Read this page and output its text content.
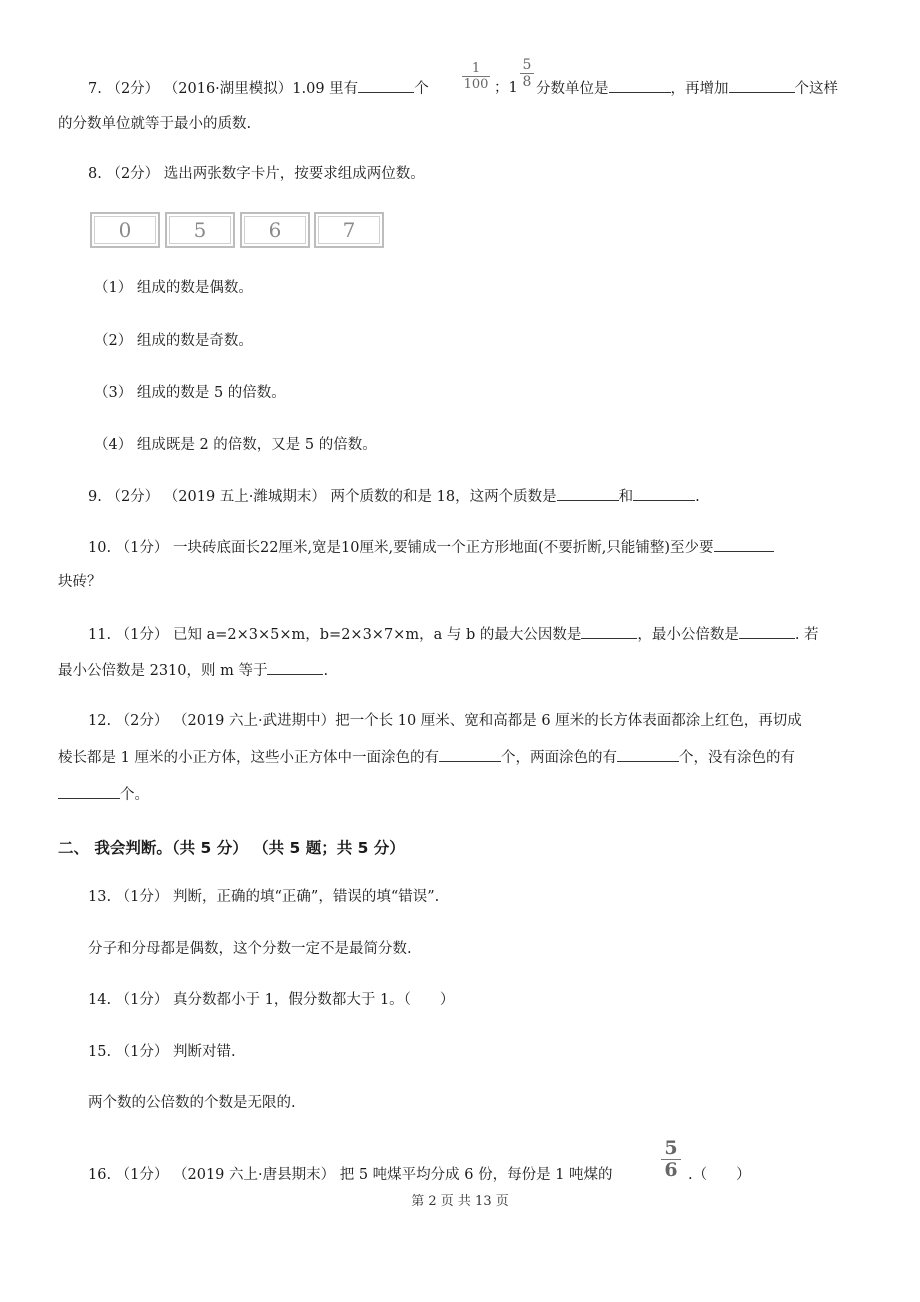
7. （2分） （2016·湖里模拟）1.09 里有	个
1
100 ；1
5
8 分数单位是	，再增加	个这样
的分数单位就等于最小的质数.
8. （2分） 选出两张数字卡片，按要求组成两位数。
0	5	6	7
（1） 组成的数是偶数。
（2） 组成的数是奇数。
（3） 组成的数是 5 的倍数。
（4） 组成既是 2 的倍数，又是 5 的倍数。
9. （2分） （2019 五上·潍城期末） 两个质数的和是 18，这两个质数是	和	.
10. （1分） 一块砖底面长22厘米,宽是10厘米,要铺成一个正方形地面(不要折断,只能铺整)至少要
块砖？
11. （1分） 已知 a=2×3×5×m，b=2×3×7×m，a 与 b 的最大公因数是	，最小公倍数是	. 若
最小公倍数是 2310，则 m 等于	.
12. （2分） （2019 六上·武进期中）把一个长 10 厘米、宽和高都是 6 厘米的长方体表面都涂上红色，再切成
棱长都是 1 厘米的小正方体，这些小正方体中一面涂色的有	个，两面涂色的有	个，没有涂色的有
个。
二、 我会判断。（共 5 分） （共 5 题；共 5 分）
13. （1分） 判断，正确的填“正确”，错误的填“错误”.
分子和分母都是偶数，这个分数一定不是最简分数.
14. （1分） 真分数都小于 1，假分数都大于 1。（　　）
15. （1分） 判断对错.
两个数的公倍数的个数是无限的.
16. （1分） （2019 六上·唐县期末） 把 5 吨煤平均分成 6 份，每份是 1 吨煤的
5
6 .（　　）
第 2 页 共 13 页
